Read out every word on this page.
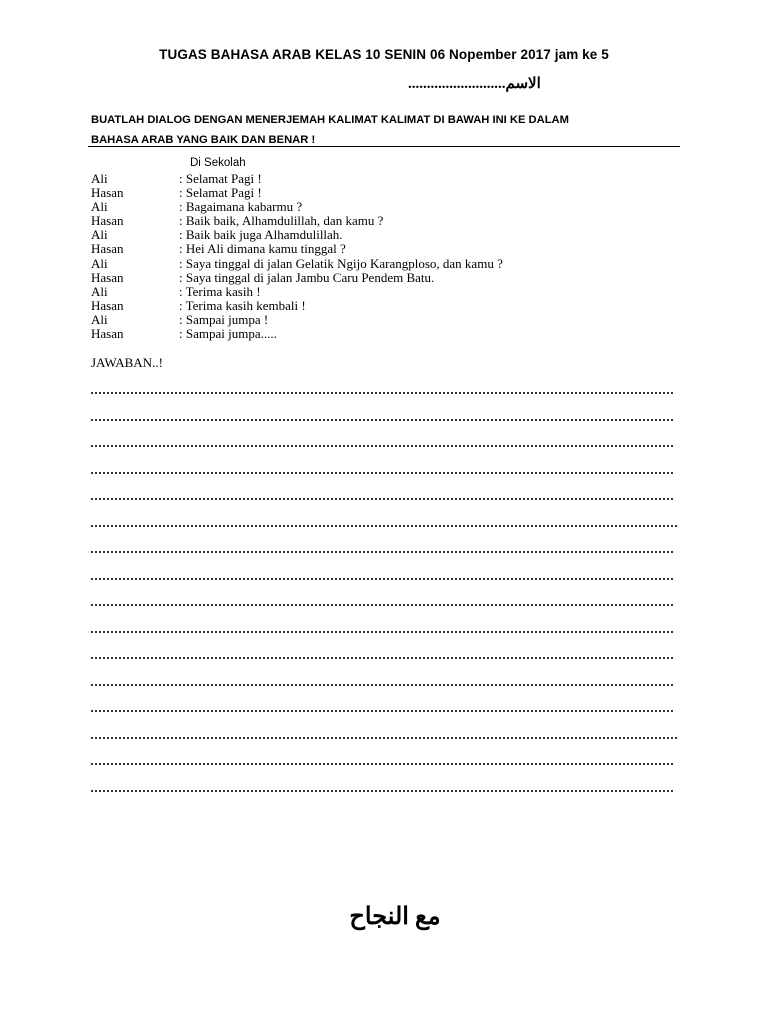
TUGAS BAHASA ARAB KELAS 10 SENIN 06 Nopember 2017 jam ke 5
..........................الاسم
BUATLAH DIALOG DENGAN MENERJEMAH KALIMAT KALIMAT DI BAWAH INI KE DALAM
BAHASA ARAB YANG BAIK DAN BENAR !
Di Sekolah
Ali	: Selamat Pagi !
Hasan	: Selamat Pagi !
Ali	: Bagaimana kabarmu ?
Hasan	: Baik baik, Alhamdulillah, dan kamu ?
Ali	: Baik baik juga Alhamdulillah.
Hasan	: Hei Ali dimana kamu tinggal ?
Ali	: Saya tinggal di jalan Gelatik Ngijo Karangploso, dan kamu ?
Hasan	: Saya tinggal di jalan Jambu Caru Pendem Batu.
Ali	: Terima kasih !
Hasan	: Terima kasih kembali !
Ali	: Sampai jumpa !
Hasan	: Sampai jumpa.....
JAWABAN..!
مع النجاح
